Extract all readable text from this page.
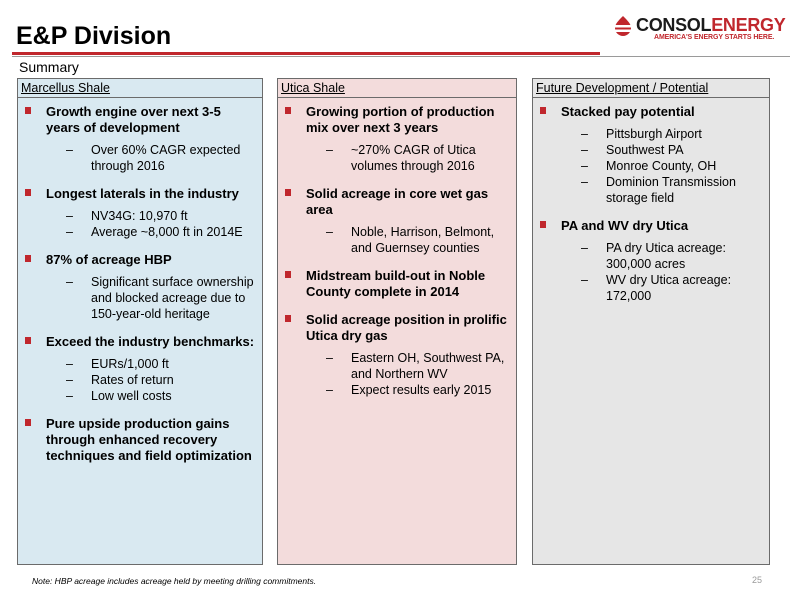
E&P Division
Summary
CONSOLENERGY
AMERICA'S ENERGY STARTS HERE.
Marcellus Shale
Growth engine over next 3-5 years of development
– Over 60% CAGR expected through 2016
Longest laterals in the industry
– NV34G: 10,970 ft
– Average ~8,000 ft in 2014E
87% of acreage HBP
– Significant surface ownership and blocked acreage due to 150-year-old heritage
Exceed the industry benchmarks:
– EURs/1,000 ft
– Rates of return
– Low well costs
Pure upside production gains through enhanced recovery techniques and field optimization
Utica Shale
Growing portion of production mix over next 3 years
– ~270% CAGR of Utica volumes through 2016
Solid acreage in core wet gas area
– Noble, Harrison, Belmont, and Guernsey counties
Midstream build-out in Noble County complete in 2014
Solid acreage position in prolific Utica dry gas
– Eastern OH, Southwest PA, and Northern WV
– Expect results early 2015
Future Development / Potential
Stacked pay potential
– Pittsburgh Airport
– Southwest PA
– Monroe County, OH
– Dominion Transmission storage field
PA and WV dry Utica
– PA dry Utica acreage: 300,000 acres
– WV dry Utica acreage: 172,000
Note: HBP acreage includes acreage held by meeting drilling commitments.	25
